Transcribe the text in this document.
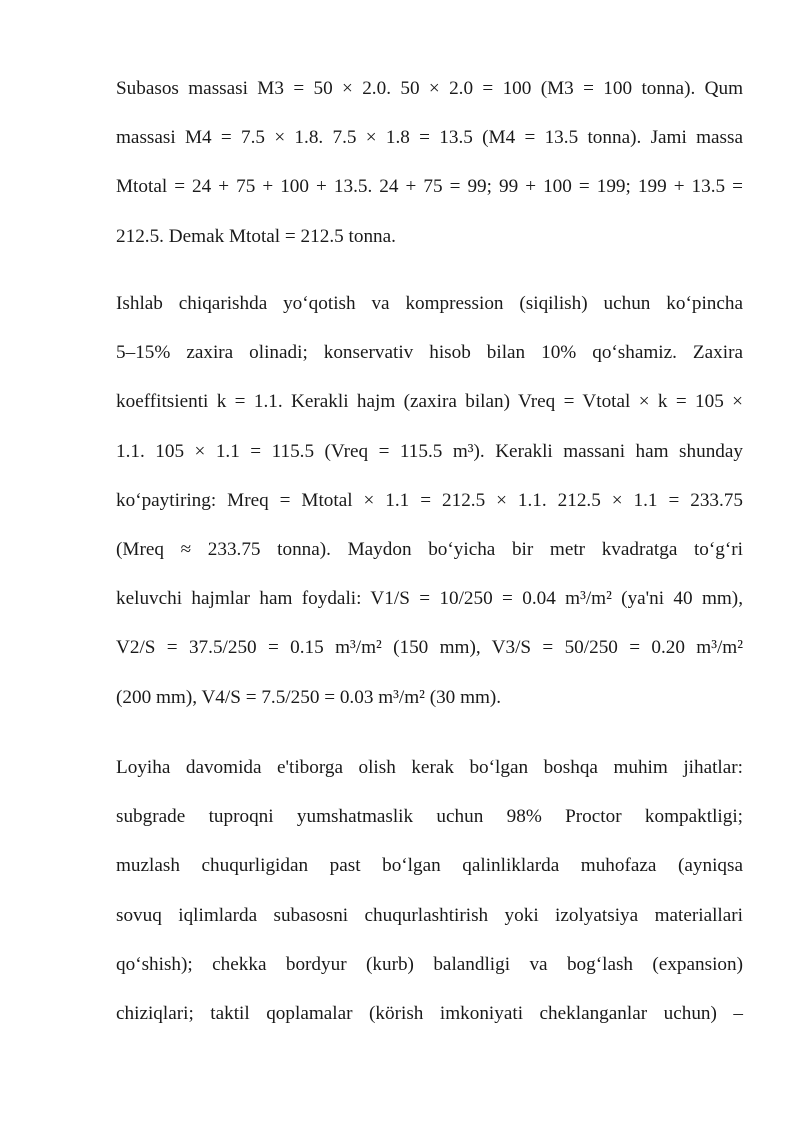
Subasos massasi M3 = 50 × 2.0. 50 × 2.0 = 100 (M3 = 100 tonna). Qum
massasi M4 = 7.5 × 1.8. 7.5 × 1.8 = 13.5 (M4 = 13.5 tonna). Jami massa
Mtotal = 24 + 75 + 100 + 13.5. 24 + 75 = 99; 99 + 100 = 199; 199 + 13.5 =
212.5. Demak Mtotal = 212.5 tonna.

Ishlab chiqarishda yo‘qotish va kompression (siqilish) uchun ko‘pincha
5–15% zaxira olinadi; konservativ hisob bilan 10% qo‘shamiz. Zaxira
koeffitsienti k = 1.1. Kerakli hajm (zaxira bilan) Vreq = Vtotal × k = 105 ×
1.1. 105 × 1.1 = 115.5 (Vreq = 115.5 m³). Kerakli massani ham shunday
ko‘paytiring: Mreq = Mtotal × 1.1 = 212.5 × 1.1. 212.5 × 1.1 = 233.75
(Mreq ≈ 233.75 tonna). Maydon bo‘yicha bir metr kvadratga to‘g‘ri
keluvchi hajmlar ham foydali: V1/S = 10/250 = 0.04 m³/m² (ya'ni 40 mm),
V2/S = 37.5/250 = 0.15 m³/m² (150 mm), V3/S = 50/250 = 0.20 m³/m²
(200 mm), V4/S = 7.5/250 = 0.03 m³/m² (30 mm).

Loyiha davomida e'tiborga olish kerak bo‘lgan boshqa muhim jihatlar:
subgrade tuproqni yumshatmaslik uchun 98% Proctor kompaktligi;
muzlash chuqurligidan past bo‘lgan qalinliklarda muhofaza (ayniqsa
sovuq iqlimlarda subasosni chuqurlashtirish yoki izolyatsiya materiallari
qo‘shish); chekka bordyur (kurb) balandligi va bog‘lash (expansion)
chiziqlari; taktil qoplamalar (körish imkoniyati cheklanganlar uchun) –
